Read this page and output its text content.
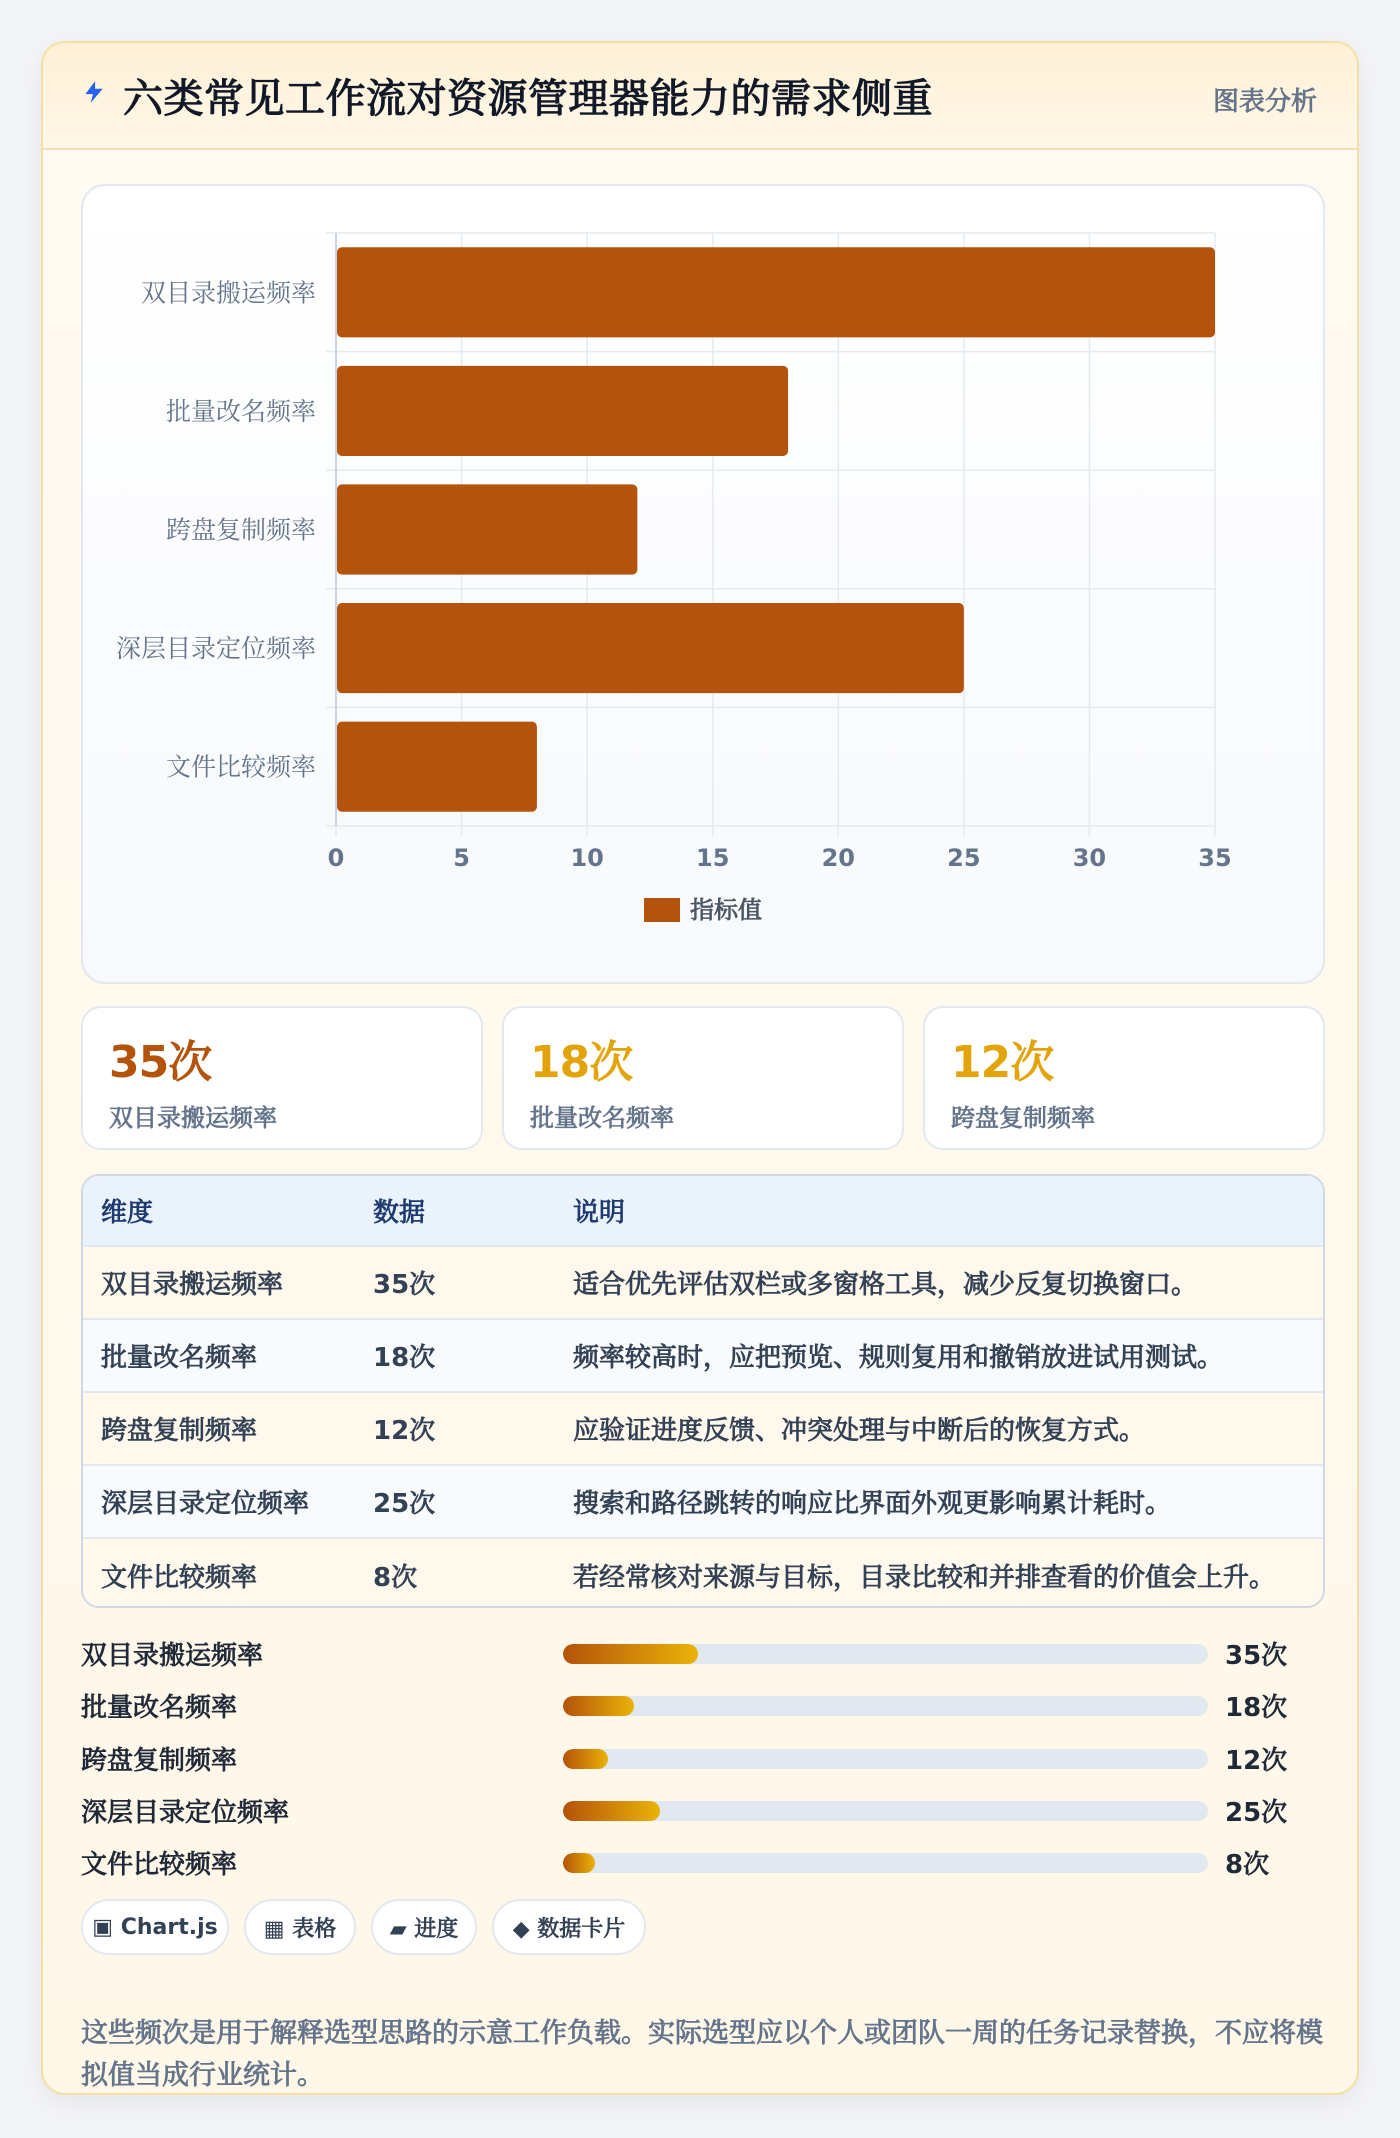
六类常见工作流对资源管理器能力的需求侧重	图表分析
双目录搬运频率
批量改名频率
跨盘复制频率
深层目录定位频率
文件比较频率
0	5	10	15	20	25	30	35
指标值
35次
双目录搬运频率
18次
批量改名频率
12次
跨盘复制频率
维度	数据	说明
双目录搬运频率	35次	适合优先评估双栏或多窗格工具，减少反复切换窗口。
批量改名频率	18次	频率较高时，应把预览、规则复用和撤销放进试用测试。
跨盘复制频率	12次	应验证进度反馈、冲突处理与中断后的恢复方式。
深层目录定位频率	25次	搜索和路径跳转的响应比界面外观更影响累计耗时。
文件比较频率	8次	若经常核对来源与目标，目录比较和并排查看的价值会上升。
双目录搬运频率	35次
批量改名频率	18次
跨盘复制频率	12次
深层目录定位频率	25次
文件比较频率	8次
▣ Chart.js	▦ 表格	▰ 进度	◆ 数据卡片
这些频次是用于解释选型思路的示意工作负载。实际选型应以个人或团队一周的任务记录替换，不应将模拟值当成行业统计。
